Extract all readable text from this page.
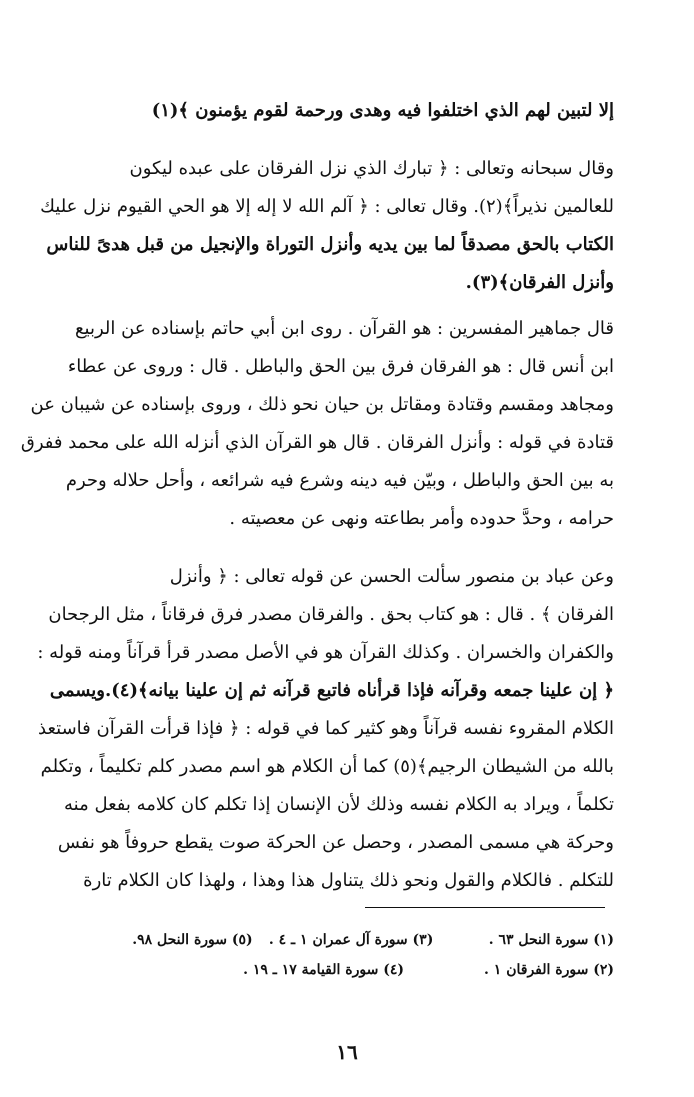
إلا لتبين لهم الذي اختلفوا فيه وهدى ورحمة لقوم يؤمنون ﴾(١)
وقال سبحانه وتعالى : ﴿ تبارك الذي نزل الفرقان على عبده ليكون
للعالمين نذيراً﴾(٢). وقال تعالى : ﴿ آلم الله لا إله إلا هو الحي القيوم نزل عليك
الكتاب بالحق مصدقاً لما بين يديه وأنزل التوراة والإنجيل من قبل هدىً للناس
وأنزل الفرقان﴾(٣).
قال جماهير المفسرين : هو القرآن . روى ابن أبي حاتم بإسناده عن الربيع
ابن أنس قال : هو الفرقان فرق بين الحق والباطل . قال : وروى عن عطاء
ومجاهد ومقسم وقتادة ومقاتل بن حيان نحو ذلك ، وروى بإسناده عن شيبان عن
قتادة في قوله : وأنزل الفرقان . قال هو القرآن الذي أنزله الله على محمد ففرق
به بين الحق والباطل ، وبيّن فيه دينه وشرع فيه شرائعه ، وأحل حلاله وحرم
حرامه ، وحدَّ حدوده وأمر بطاعته ونهى عن معصيته .
وعن عباد بن منصور سألت الحسن عن قوله تعالى : ﴿ وأنزل
الفرقان ﴾ . قال : هو كتاب بحق . والفرقان مصدر فرق فرقاناً ، مثل الرجحان
والكفران والخسران . وكذلك القرآن هو في الأصل مصدر قرأ قرآناً ومنه قوله :
﴿ إن علينا جمعه وقرآنه فإذا قرأناه فاتبع قرآنه ثم إن علينا بيانه﴾(٤).ويسمى
الكلام المقروء نفسه قرآناً وهو كثير كما في قوله : ﴿ فإذا قرأت القرآن فاستعذ
بالله من الشيطان الرجيم﴾(٥) كما أن الكلام هو اسم مصدر كلم تكليماً ، وتكلم
تكلماً ، ويراد به الكلام نفسه وذلك لأن الإنسان إذا تكلم كان كلامه بفعل منه
وحركة هي مسمى المصدر ، وحصل عن الحركة صوت يقطع حروفاً هو نفس
للتكلم . فالكلام والقول ونحو ذلك يتناول هذا وهذا ، ولهذا كان الكلام تارة
(١) سورة النحل ٦٣ .
(٣) سورة آل عمران ١ ـ ٤ .
(٥) سورة النحل ٩٨.
(٢) سورة الفرقان ١ .
(٤) سورة القيامة ١٧ ـ ١٩ .
١٦
